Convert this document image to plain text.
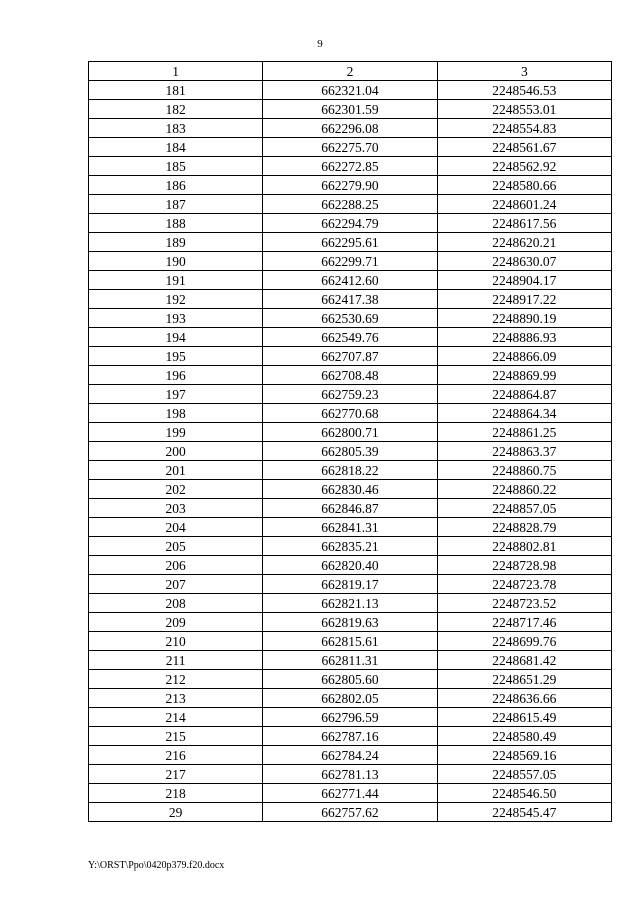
9
1	2	3
181	662321.04	2248546.53
182	662301.59	2248553.01
183	662296.08	2248554.83
184	662275.70	2248561.67
185	662272.85	2248562.92
186	662279.90	2248580.66
187	662288.25	2248601.24
188	662294.79	2248617.56
189	662295.61	2248620.21
190	662299.71	2248630.07
191	662412.60	2248904.17
192	662417.38	2248917.22
193	662530.69	2248890.19
194	662549.76	2248886.93
195	662707.87	2248866.09
196	662708.48	2248869.99
197	662759.23	2248864.87
198	662770.68	2248864.34
199	662800.71	2248861.25
200	662805.39	2248863.37
201	662818.22	2248860.75
202	662830.46	2248860.22
203	662846.87	2248857.05
204	662841.31	2248828.79
205	662835.21	2248802.81
206	662820.40	2248728.98
207	662819.17	2248723.78
208	662821.13	2248723.52
209	662819.63	2248717.46
210	662815.61	2248699.76
211	662811.31	2248681.42
212	662805.60	2248651.29
213	662802.05	2248636.66
214	662796.59	2248615.49
215	662787.16	2248580.49
216	662784.24	2248569.16
217	662781.13	2248557.05
218	662771.44	2248546.50
29	662757.62	2248545.47
Y:\ORST\Ppo\0420p379.f20.docx
